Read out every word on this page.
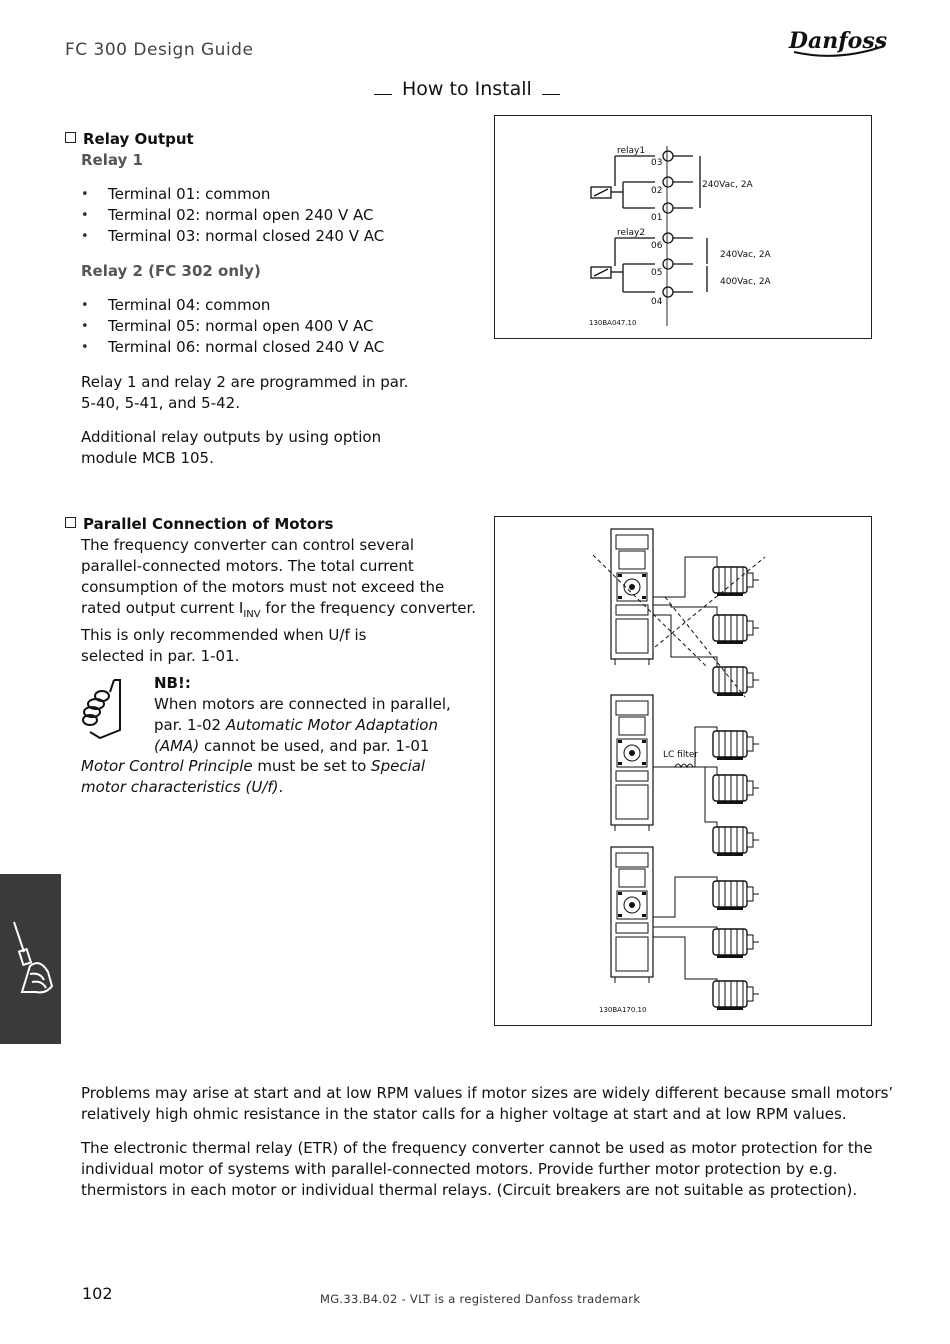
FC 300 Design Guide	Danfoss
How to Install
Relay Output
Relay 1
• Terminal 01: common
• Terminal 02: normal open 240 V AC
• Terminal 03: normal closed 240 V AC
Relay 2 (FC 302 only)
• Terminal 04: common
• Terminal 05: normal open 400 V AC
• Terminal 06: normal closed 240 V AC

Relay 1 and relay 2 are programmed in par.

5-40, 5-41, and 5-42.

Additional relay outputs by using option

module MCB 105.

relay1
03
02
01
relay2
06
05
04
240Vac, 2A
240Vac, 2A
400Vac, 2A
130BA047.10
Parallel Connection of Motors

The frequency converter can control several

parallel-connected motors. The total current

consumption of the motors must not exceed the

rated output current $I_{INV}$ for the frequency converter.

This is only recommended when U/f is

selected in par. 1-01.

NB!:

When motors are connected in parallel,

par. 1-02 Automatic Motor Adaptation

(AMA) cannot be used, and par. 1-01

Motor Control Principle must be set to Special

motor characteristics (U/f).

LC filter
130BA170.10

Problems may arise at start and at low RPM values if motor sizes are widely different because small motors’

relatively high ohmic resistance in the stator calls for a higher voltage at start and at low RPM values.

The electronic thermal relay (ETR) of the frequency converter cannot be used as motor protection for the

individual motor of systems with parallel-connected motors. Provide further motor protection by e.g.

thermistors in each motor or individual thermal relays. (Circuit breakers are not suitable as protection).

102	MG.33.B4.02 - VLT is a registered Danfoss trademark
